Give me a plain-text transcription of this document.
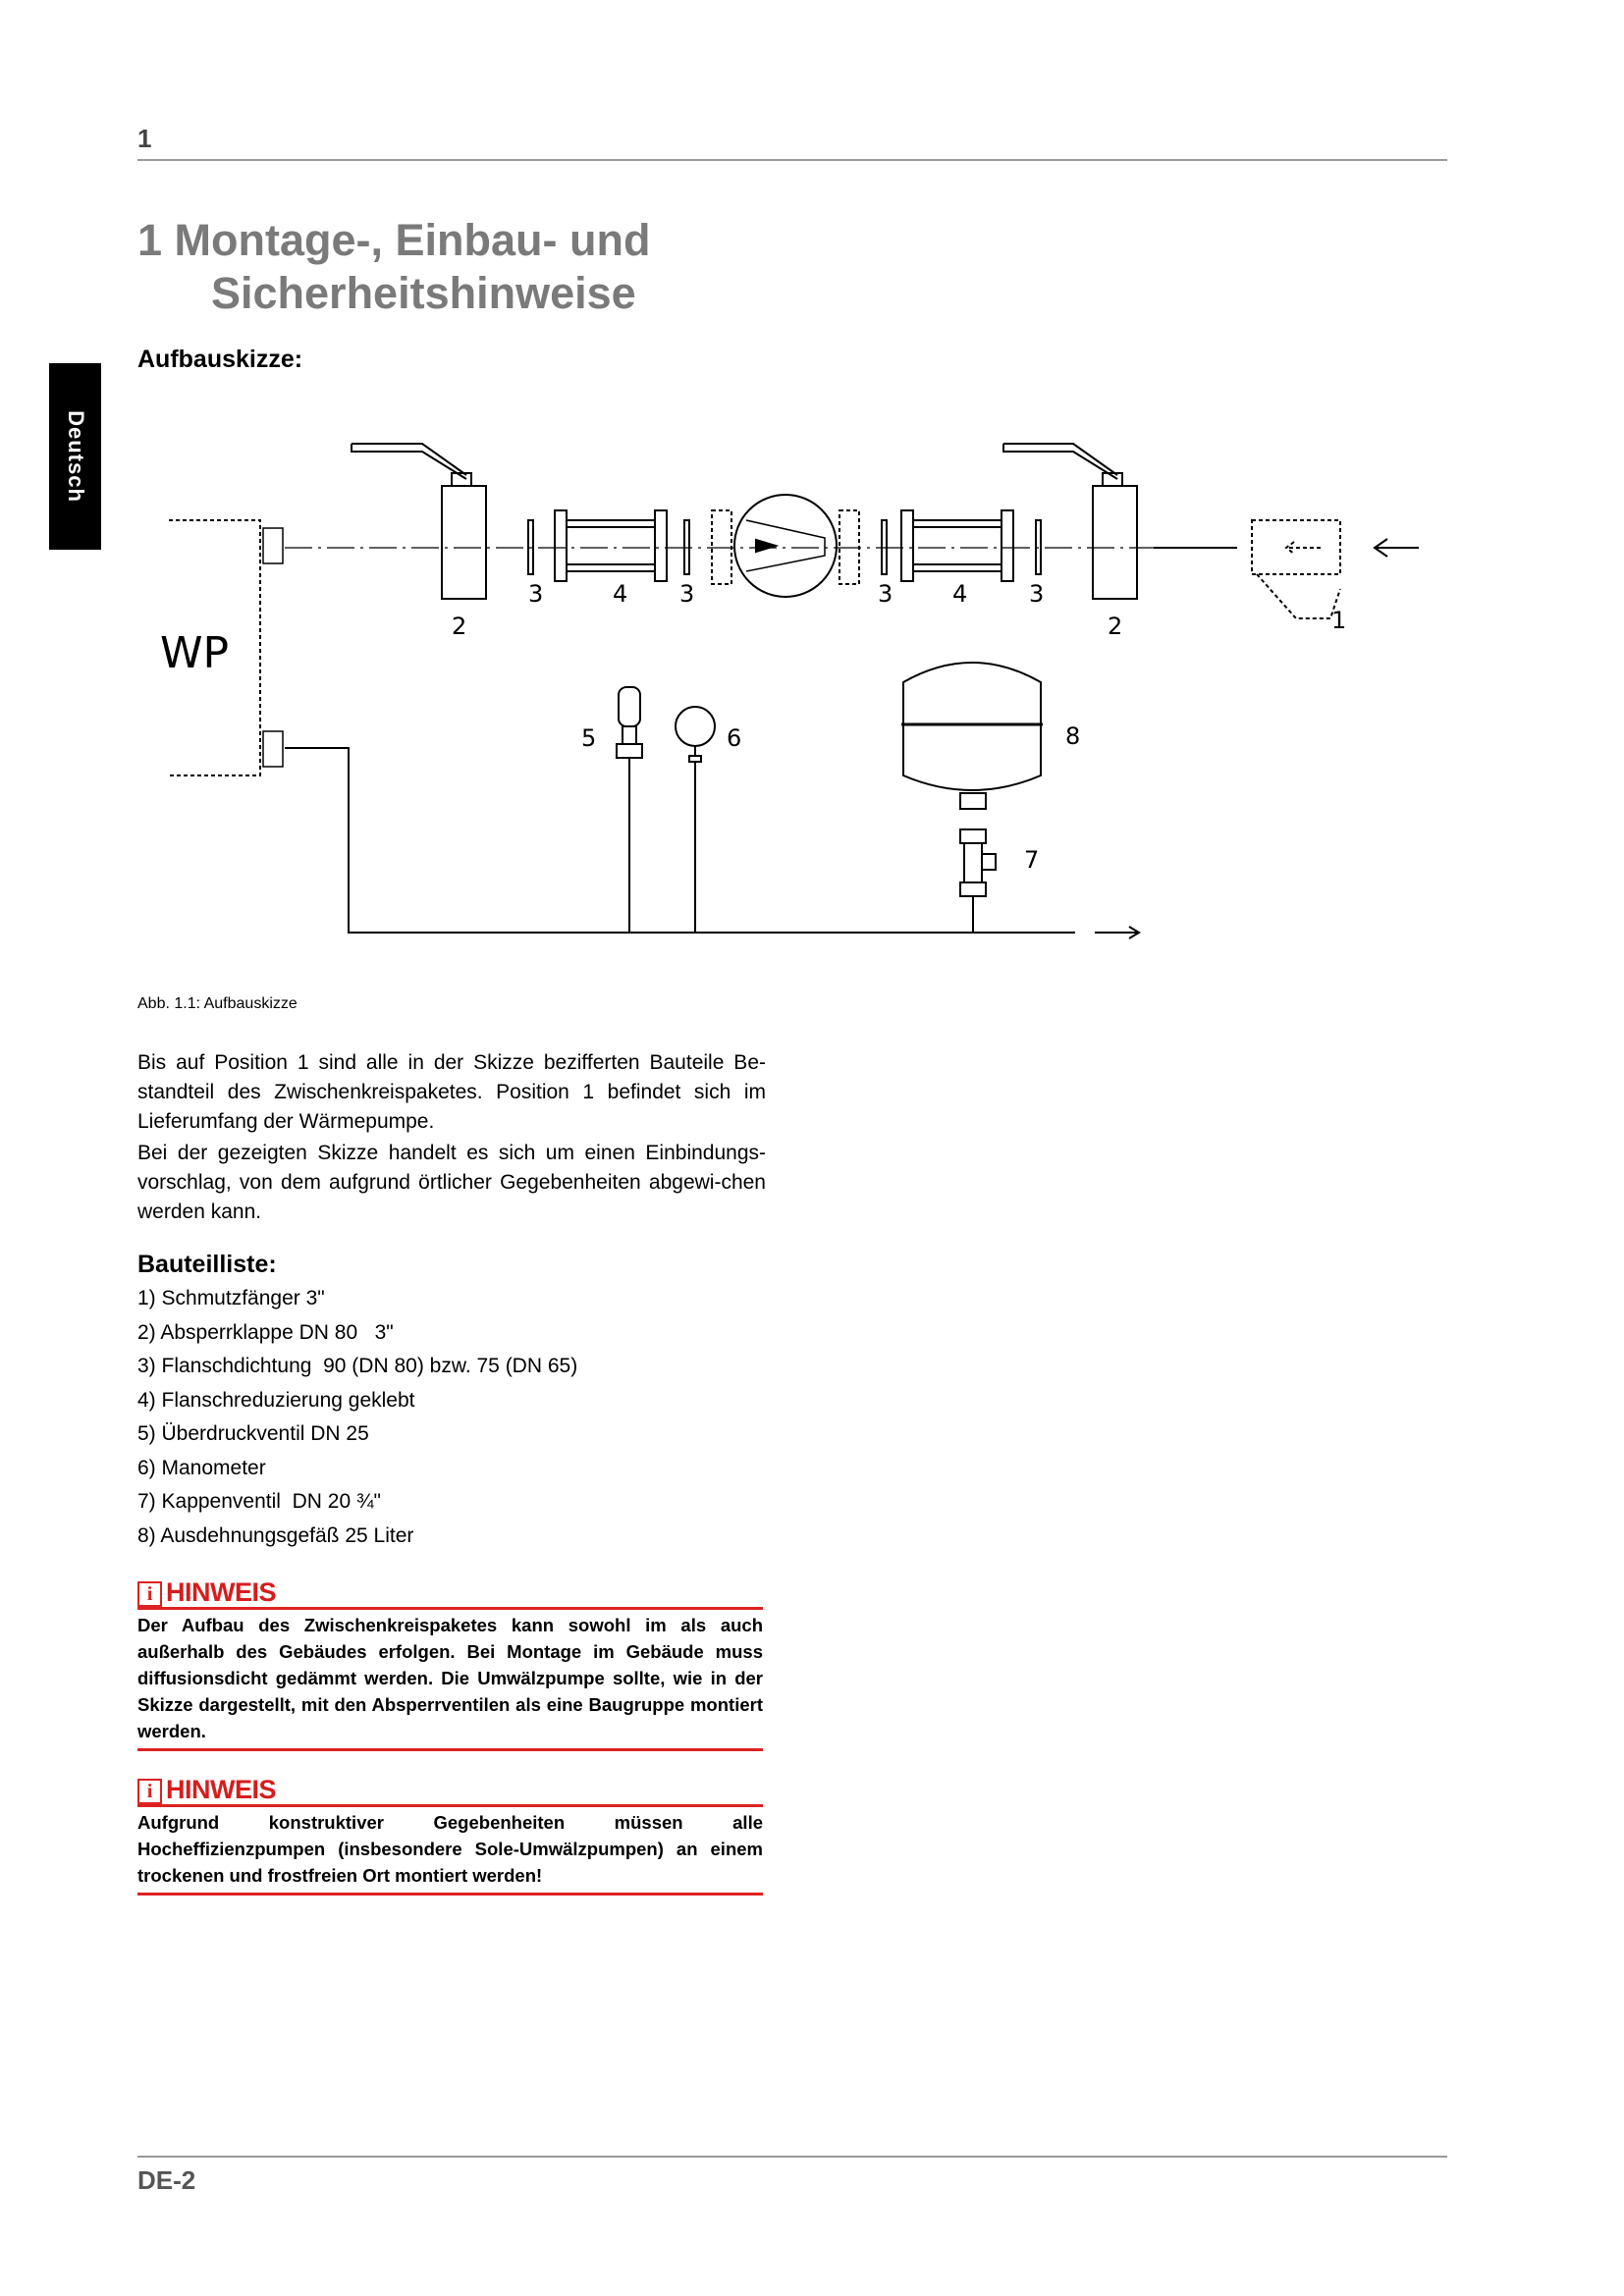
1
Deutsch
1 Montage-, Einbau- und
Sicherheitshinweise
Aufbauskizze:
WP
2
3	4 3	3	4	3
2	1
5	6
7
8
Abb. 1.1: Aufbauskizze
Bis auf Position 1 sind alle in der Skizze bezifferten Bauteile Be-standteil des Zwischenkreispaketes. Position 1 befindet sich im Lieferumfang der Wärmepumpe.
Bei der gezeigten Skizze handelt es sich um einen Einbindungs-vorschlag, von dem aufgrund örtlicher Gegebenheiten abgewi-chen werden kann.
Bauteilliste:
1) Schmutzfänger 3"
2) Absperrklappe DN 80   3"
3) Flanschdichtung  90 (DN 80) bzw. 75 (DN 65)
4) Flanschreduzierung geklebt
5) Überdruckventil DN 25
6) Manometer
7) Kappenventil  DN 20 ¾"
8) Ausdehnungsgefäß 25 Liter
i HINWEIS
Der Aufbau des Zwischenkreispaketes kann sowohl im als auch außerhalb des Gebäudes erfolgen. Bei Montage im Gebäude muss diffusionsdicht gedämmt werden. Die Umwälzpumpe sollte, wie in der Skizze dargestellt, mit den Absperrventilen als eine Baugruppe montiert werden.
i HINWEIS
Aufgrund konstruktiver Gegebenheiten müssen alle Hocheffizienzpumpen (insbesondere Sole-Umwälzpumpen) an einem trockenen und frostfreien Ort montiert werden!
DE-2
